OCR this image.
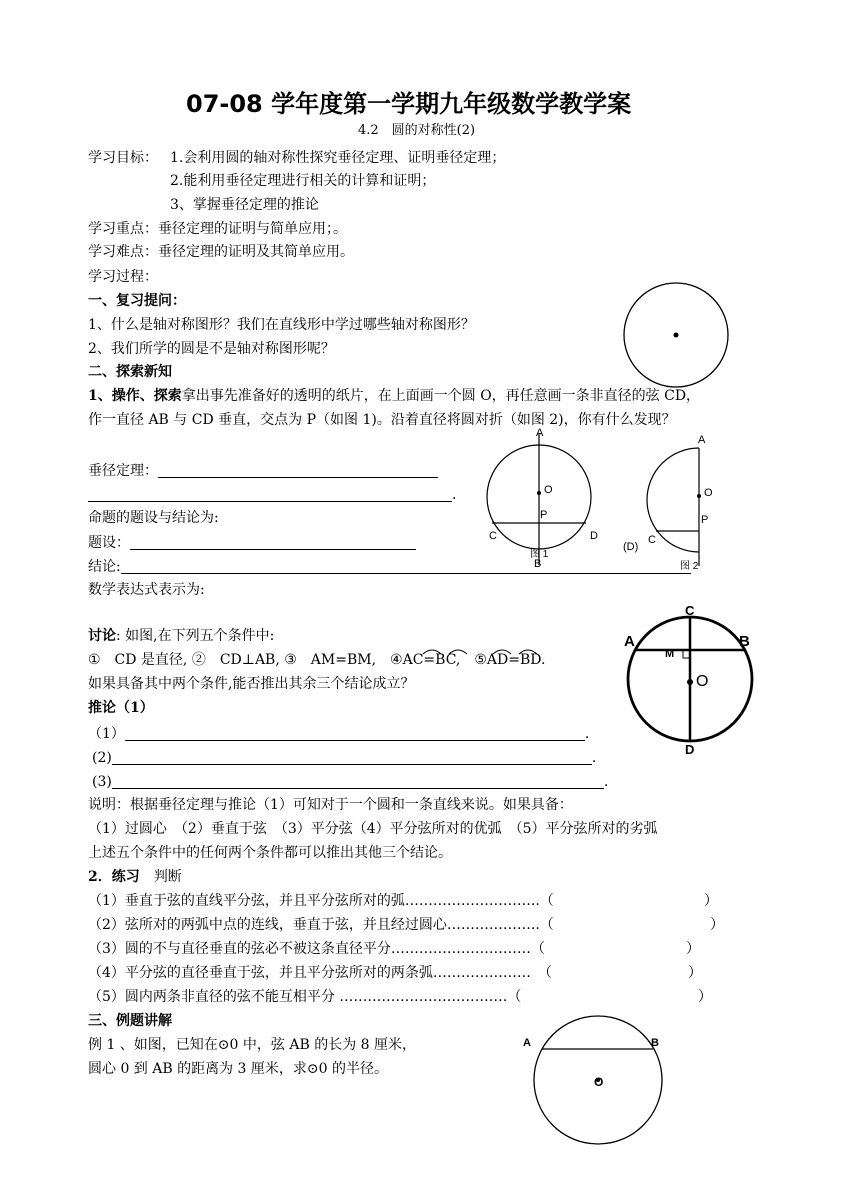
07-08 学年度第一学期九年级数学教学案
4.2　圆的对称性(2)
学习目标： 1.会利用圆的轴对称性探究垂径定理、证明垂径定理；
2.能利用垂径定理进行相关的计算和证明；
3、掌握垂径定理的推论
学习重点：垂径定理的证明与简单应用；。
学习难点：垂径定理的证明及其简单应用。
学习过程：
一、复习提问：
1、什么是轴对称图形？我们在直线形中学过哪些轴对称图形？
2、我们所学的圆是不是轴对称图形呢？
二、探索新知
1、操作、探索拿出事先准备好的透明的纸片，在上面画一个圆 O，再任意画一条非直径的弦 CD，
作一直径 AB 与 CD 垂直，交点为 P（如图 1)。沿着直径将圆对折（如图 2)，你有什么发现？
垂径定理：
.
命题的题设与结论为:
题设：
结论:
数学表达式表示为:
A
O
P
C	D
图 1
B
A
O
P
C
(D)
图 2
讨论: 如图,在下列五个条件中:
①　CD 是直径, ②　CD⊥AB, ③　AM=BM,　④AC=BC,　⑤AD=BD.
如果具备其中两个条件,能否推出其余三个结论成立？
A	B
C
M
O
D
推论（1）
（1）	.
(2)	.
(3)	.
说明：根据垂径定理与推论（1）可知对于一个圆和一条直线来说。如果具备：
（1）过圆心　（2）垂直于弦　（3）平分弦（4）平分弦所对的优弧　（5）平分弦所对的劣弧
上述五个条件中的任何两个条件都可以推出其他三个结论。
2．练习　判断
（1）垂直于弦的直线平分弦，并且平分弦所对的弧………………………..（	）
（2）弦所对的两弧中点的连线，垂直于弦，并且经过圆心………………..（	）
（3）圆的不与直径垂直的弦必不被这条直径平分…………………………（	）
（4）平分弦的直径垂直于弦，并且平分弦所对的两条弧…………………　（	）
（5）圆内两条非直径的弦不能互相平分 ………………………………（	）
三、例题讲解
例 1 、如图，已知在⊙0 中，弦 AB 的长为 8 厘米，
圆心 0 到 AB 的距离为 3 厘米，求⊙0 的半径。
A	B
O
